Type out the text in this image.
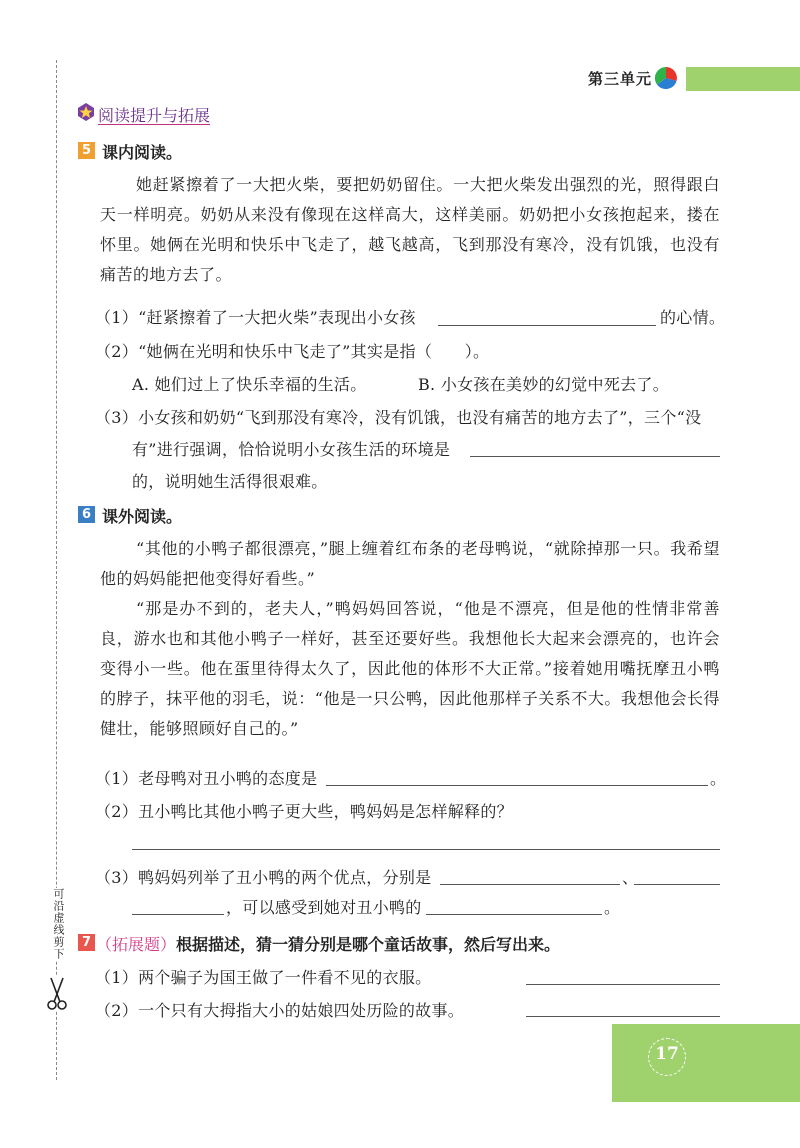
可沿虚线剪下
第三单元
阅读提升与拓展
5 课内阅读。
她赶紧擦着了一大把火柴，要把奶奶留住。一大把火柴发出强烈的光，照得跟白天一样明亮。奶奶从来没有像现在这样高大，这样美丽。奶奶把小女孩抱起来，搂在怀里。她俩在光明和快乐中飞走了，越飞越高，飞到那没有寒冷，没有饥饿，也没有痛苦的地方去了。
（1）“赶紧擦着了一大把火柴”表现出小女孩	的心情。
（2）“她俩在光明和快乐中飞走了”其实是指（　　）。
A. 她们过上了快乐幸福的生活。	B. 小女孩在美妙的幻觉中死去了。
（3）小女孩和奶奶“飞到那没有寒冷，没有饥饿，也没有痛苦的地方去了”，三个“没
有”进行强调，恰恰说明小女孩生活的环境是
的，说明她生活得很艰难。
6 课外阅读。
“其他的小鸭子都很漂亮，”腿上缠着红布条的老母鸭说，“就除掉那一只。我希望他的妈妈能把他变得好看些。”
“那是办不到的，老夫人，”鸭妈妈回答说，“他是不漂亮，但是他的性情非常善良，游水也和其他小鸭子一样好，甚至还要好些。我想他长大起来会漂亮的，也许会变得小一些。他在蛋里待得太久了，因此他的体形不大正常。”接着她用嘴抚摩丑小鸭的脖子，抹平他的羽毛，说：“他是一只公鸭，因此他那样子关系不大。我想他会长得健壮，能够照顾好自己的。”
（1）老母鸭对丑小鸭的态度是	。
（2）丑小鸭比其他小鸭子更大些，鸭妈妈是怎样解释的？
（3）鸭妈妈列举了丑小鸭的两个优点，分别是	、
，可以感受到她对丑小鸭的	。
7 （拓展题） 根据描述，猜一猜分别是哪个童话故事，然后写出来。
（1）两个骗子为国王做了一件看不见的衣服。
（2）一个只有大拇指大小的姑娘四处历险的故事。
17
